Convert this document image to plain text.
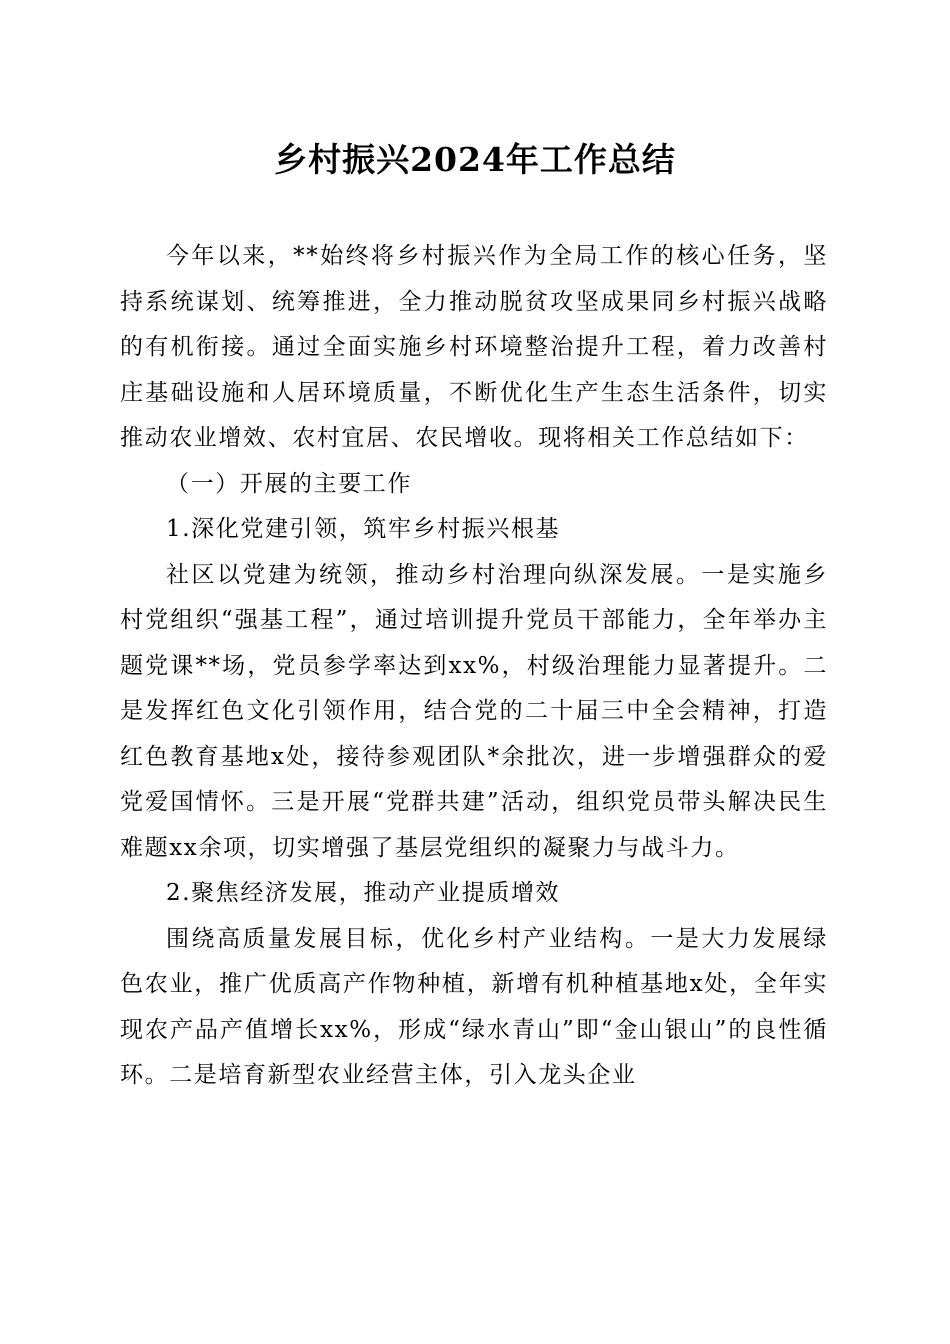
乡村振兴2024年工作总结

今年以来，**始终将乡村振兴作为全局工作的核心任务，坚持系统谋划、统筹推进，全力推动脱贫攻坚成果同乡村振兴战略的有机衔接。通过全面实施乡村环境整治提升工程，着力改善村庄基础设施和人居环境质量，不断优化生产生态生活条件，切实推动农业增效、农村宜居、农民增收。现将相关工作总结如下：

（一）开展的主要工作

1.深化党建引领，筑牢乡村振兴根基

社区以党建为统领，推动乡村治理向纵深发展。一是实施乡村党组织“强基工程”，通过培训提升党员干部能力，全年举办主题党课**场，党员参学率达到xx%，村级治理能力显著提升。二是发挥红色文化引领作用，结合党的二十届三中全会精神，打造红色教育基地x处，接待参观团队*余批次，进一步增强群众的爱党爱国情怀。三是开展“党群共建”活动，组织党员带头解决民生难题xx余项，切实增强了基层党组织的凝聚力与战斗力。

2.聚焦经济发展，推动产业提质增效

围绕高质量发展目标，优化乡村产业结构。一是大力发展绿色农业，推广优质高产作物种植，新增有机种植基地x处，全年实现农产品产值增长xx%，形成“绿水青山”即“金山银山”的良性循环。二是培育新型农业经营主体，引入龙头企业
